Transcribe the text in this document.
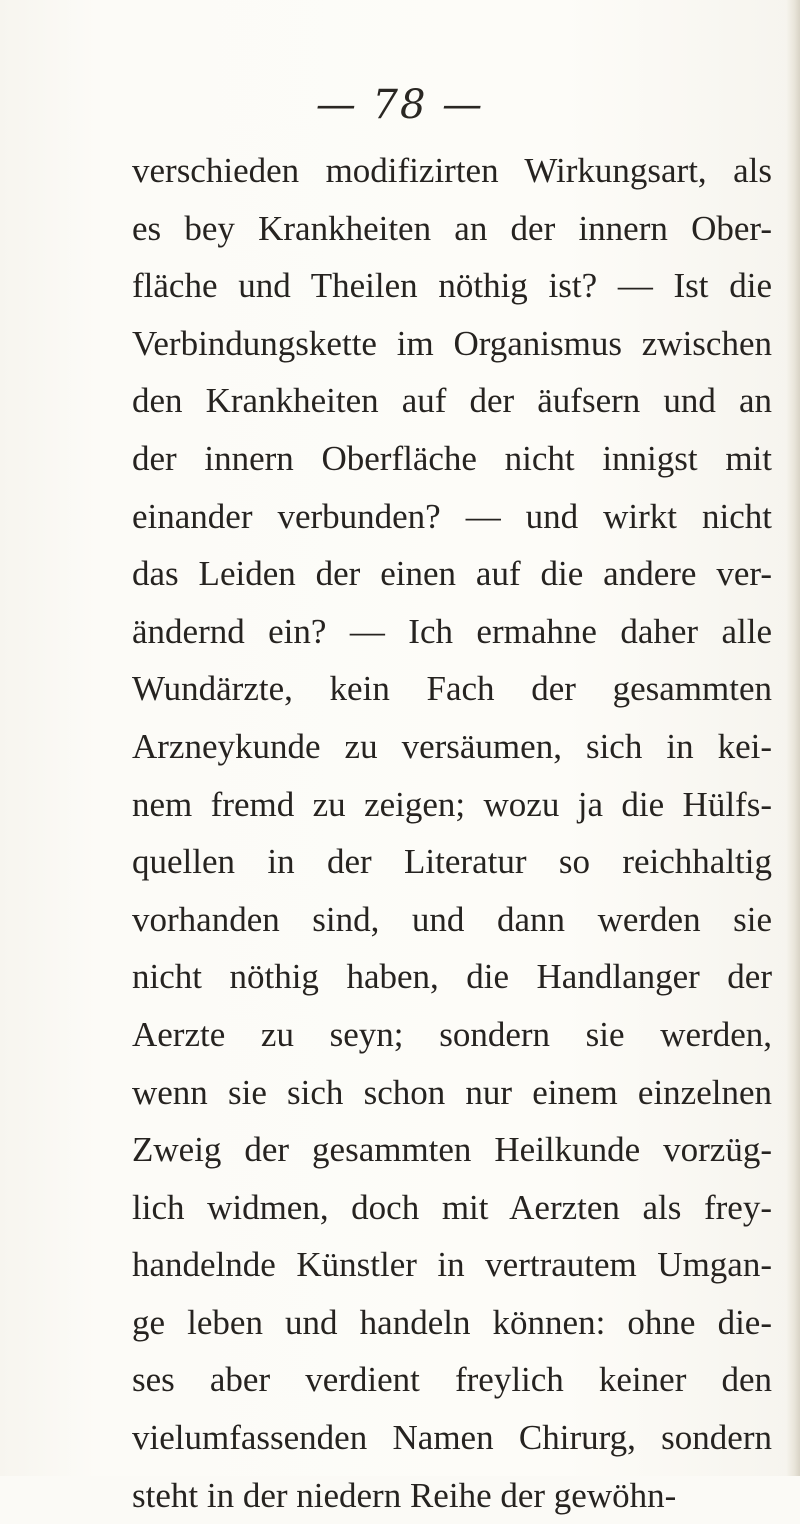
— 78 —
verschieden modifizirten Wirkungsart, als
es bey Krankheiten an der innern Ober-
fläche und Theilen nöthig ist? — Ist die
Verbindungskette im Organismus zwischen
den Krankheiten auf der äufsern und an
der innern Oberfläche nicht innigst mit
einander verbunden? — und wirkt nicht
das Leiden der einen auf die andere ver-
ändernd ein? — Ich ermahne daher alle
Wundärzte, kein Fach der gesammten
Arzneykunde zu versäumen, sich in kei-
nem fremd zu zeigen; wozu ja die Hülfs-
quellen in der Literatur so reichhaltig
vorhanden sind, und dann werden sie
nicht nöthig haben, die Handlanger der
Aerzte zu seyn; sondern sie werden,
wenn sie sich schon nur einem einzelnen
Zweig der gesammten Heilkunde vorzüg-
lich widmen, doch mit Aerzten als frey-
handelnde Künstler in vertrautem Umgan-
ge leben und handeln können: ohne die-
ses aber verdient freylich keiner den
vielumfassenden Namen Chirurg, sondern
steht in der niedern Reihe der gewöhn-
